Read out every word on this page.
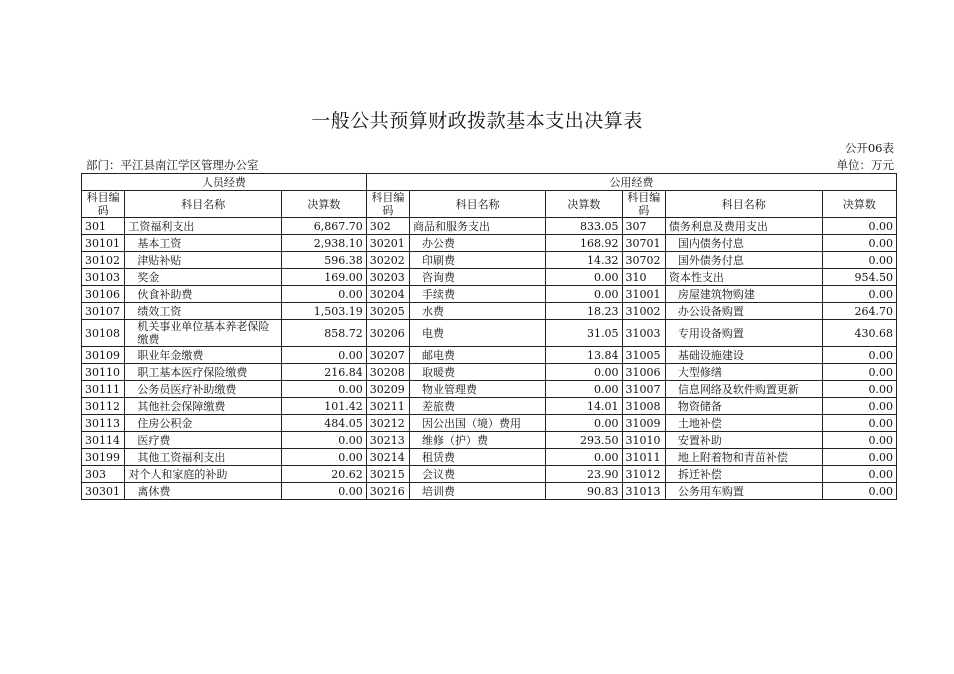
一般公共预算财政拨款基本支出决算表
公开06表
部门：平江县南江学区管理办公室	单位：万元
人员经费			公用经费					
科目编码	科目名称	决算数	科目编码	科目名称	决算数	科目编码	科目名称	决算数
301	工资福利支出	6,867.70	302	商品和服务支出	833.05	307	债务利息及费用支出	0.00
30101	基本工资	2,938.10	30201	办公费	168.92	30701	国内债务付息	0.00
30102	津贴补贴	596.38	30202	印刷费	14.32	30702	国外债务付息	0.00
30103	奖金	169.00	30203	咨询费	0.00	310	资本性支出	954.50
30106	伙食补助费	0.00	30204	手续费	0.00	31001	房屋建筑物购建	0.00
30107	绩效工资	1,503.19	30205	水费	18.23	31002	办公设备购置	264.70
30108	机关事业单位基本养老保险缴费	858.72	30206	电费	31.05	31003	专用设备购置	430.68
30109	职业年金缴费	0.00	30207	邮电费	13.84	31005	基础设施建设	0.00
30110	职工基本医疗保险缴费	216.84	30208	取暖费	0.00	31006	大型修缮	0.00
30111	公务员医疗补助缴费	0.00	30209	物业管理费	0.00	31007	信息网络及软件购置更新	0.00
30112	其他社会保障缴费	101.42	30211	差旅费	14.01	31008	物资储备	0.00
30113	住房公积金	484.05	30212	因公出国（境）费用	0.00	31009	土地补偿	0.00
30114	医疗费	0.00	30213	维修（护）费	293.50	31010	安置补助	0.00
30199	其他工资福利支出	0.00	30214	租赁费	0.00	31011	地上附着物和青苗补偿	0.00
303	对个人和家庭的补助	20.62	30215	会议费	23.90	31012	拆迁补偿	0.00
30301	离休费	0.00	30216	培训费	90.83	31013	公务用车购置	0.00
